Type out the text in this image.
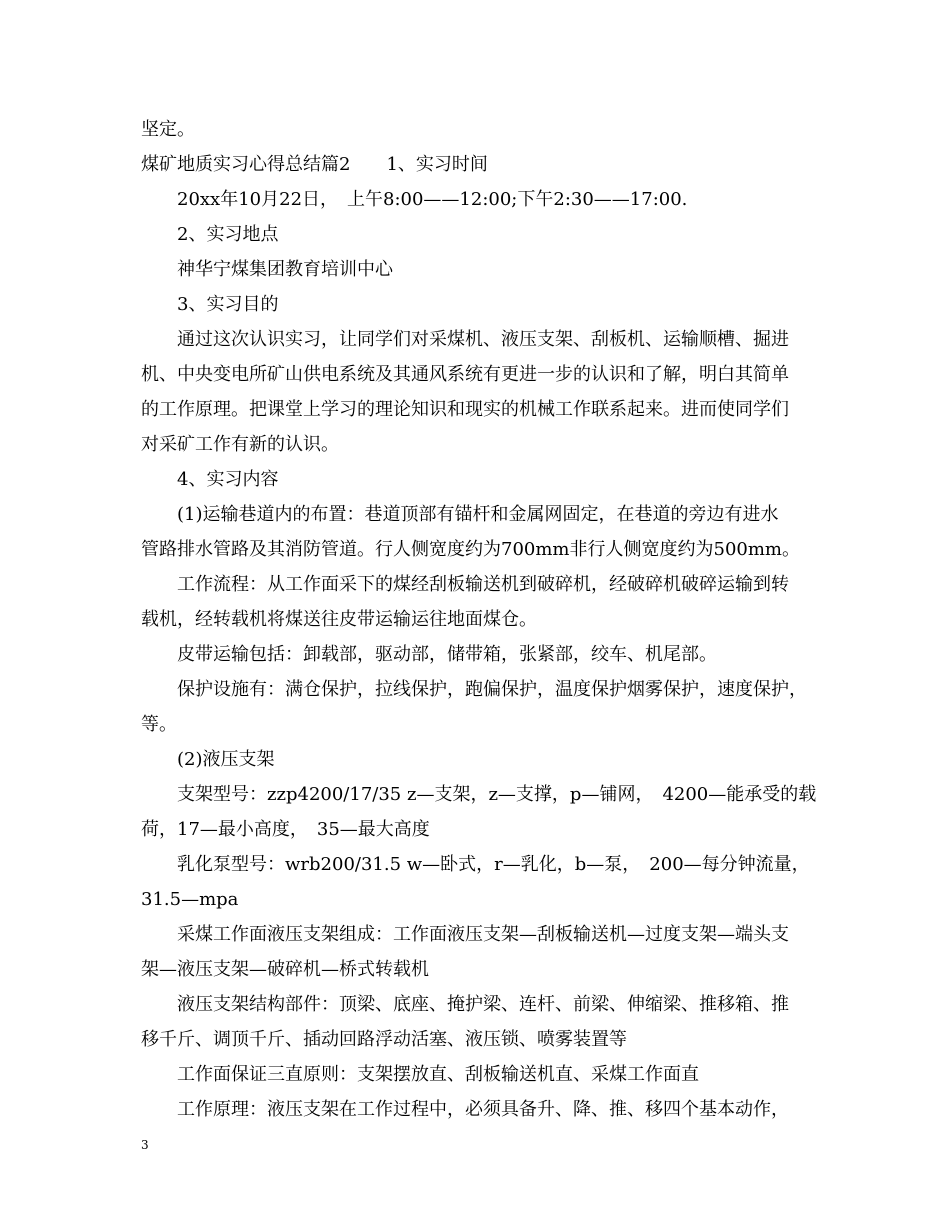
坚定。
煤矿地质实习心得总结篇2　　1、实习时间
20xx年10月22日，　上午8:00——12:00;下午2:30——17:00.
2、实习地点
神华宁煤集团教育培训中心
3、实习目的
通过这次认识实习，让同学们对采煤机、液压支架、刮板机、运输顺槽、掘进
机、中央变电所矿山供电系统及其通风系统有更进一步的认识和了解，明白其简单
的工作原理。把课堂上学习的理论知识和现实的机械工作联系起来。进而使同学们
对采矿工作有新的认识。
4、实习内容
(1)运输巷道内的布置：巷道顶部有锚杆和金属网固定，在巷道的旁边有进水
管路排水管路及其消防管道。行人侧宽度约为700mm非行人侧宽度约为500mm。
工作流程：从工作面采下的煤经刮板输送机到破碎机，经破碎机破碎运输到转
载机，经转载机将煤送往皮带运输运往地面煤仓。
皮带运输包括：卸载部，驱动部，储带箱，张紧部，绞车、机尾部。
保护设施有：满仓保护，拉线保护，跑偏保护，温度保护烟雾保护，速度保护，
等。
(2)液压支架
支架型号：zzp4200/17/35 z—支架，z—支撑，p—铺网，　4200—能承受的载
荷，17—最小高度，　35—最大高度
乳化泵型号：wrb200/31.5 w—卧式，r—乳化，b—泵，　200—每分钟流量，
31.5—mpa
采煤工作面液压支架组成：工作面液压支架—刮板输送机—过度支架—端头支
架—液压支架—破碎机—桥式转载机
液压支架结构部件：顶梁、底座、掩护梁、连杆、前梁、伸缩梁、推移箱、推
移千斤、调顶千斤、插动回路浮动活塞、液压锁、喷雾装置等
工作面保证三直原则：支架摆放直、刮板输送机直、采煤工作面直
工作原理：液压支架在工作过程中，必须具备升、降、推、移四个基本动作，
3
